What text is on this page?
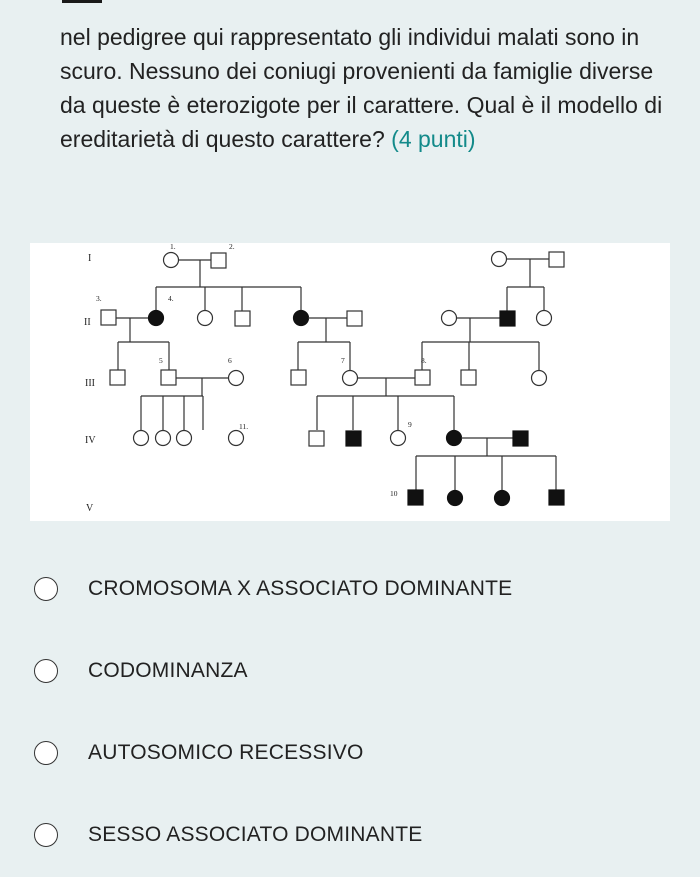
nel pedigree qui rappresentato gli individui malati sono in scuro. Nessuno dei coniugi provenienti da famiglie diverse da queste è eterozigote per il carattere. Qual è il modello di ereditarietà di questo carattere? (4 punti)
I
II
III
IV
V
1.	2.
3.	4.
5	6	7	8.
9
10
11.
CROMOSOMA X ASSOCIATO DOMINANTE
CODOMINANZA
AUTOSOMICO RECESSIVO
SESSO ASSOCIATO DOMINANTE
